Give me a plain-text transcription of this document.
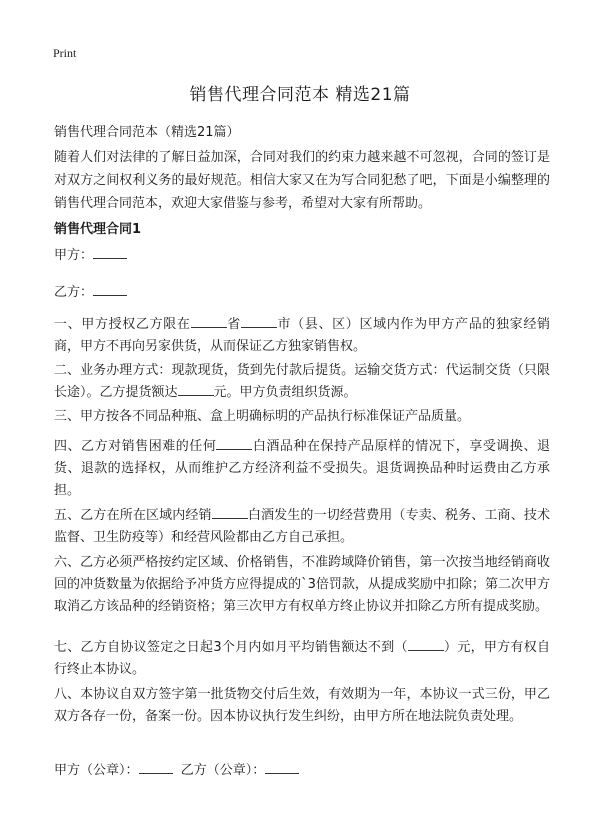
Print
销售代理合同范本 精选21篇
销售代理合同范本（精选21篇）
随着人们对法律的了解日益加深，合同对我们的约束力越来越不可忽视，合同的签订是对双方之间权利义务的最好规范。相信大家又在为写合同犯愁了吧，下面是小编整理的销售代理合同范本，欢迎大家借鉴与参考，希望对大家有所帮助。
销售代理合同1

甲方：

乙方：

一、甲方授权乙方限在	省	市（县、区）区域内作为甲方产品的独家经销商，甲方不再向另家供货，从而保证乙方独家销售权。

二、业务办理方式：现款现货，货到先付款后提货。运输交货方式：代运制交货（只限长途）。乙方提货额达	元。甲方负责组织货源。

三、甲方按各不同品种瓶、盒上明确标明的产品执行标准保证产品质量。

四、乙方对销售困难的任何	白酒品种在保持产品原样的情况下，享受调换、退货、退款的选择权，从而维护乙方经济利益不受损失。退货调换品种时运费由乙方承担。

五、乙方在所在区域内经销	白酒发生的一切经营费用（专卖、税务、工商、技术监督、卫生防疫等）和经营风险都由乙方自己承担。

六、乙方必须严格按约定区域、价格销售，不准跨域降价销售，第一次按当地经销商收回的冲货数量为依据给予冲货方应得提成的`3倍罚款，从提成奖励中扣除；第二次甲方取消乙方该品种的经销资格；第三次甲方有权单方终止协议并扣除乙方所有提成奖励。

七、乙方自协议签定之日起3个月内如月平均销售额达不到（	）元，甲方有权自行终止本协议。

八、本协议自双方签字第一批货物交付后生效，有效期为一年，本协议一式三份，甲乙双方各存一份，备案一份。因本协议执行发生纠纷，由甲方所在地法院负责处理。

甲方（公章）：	乙方（公章）：
